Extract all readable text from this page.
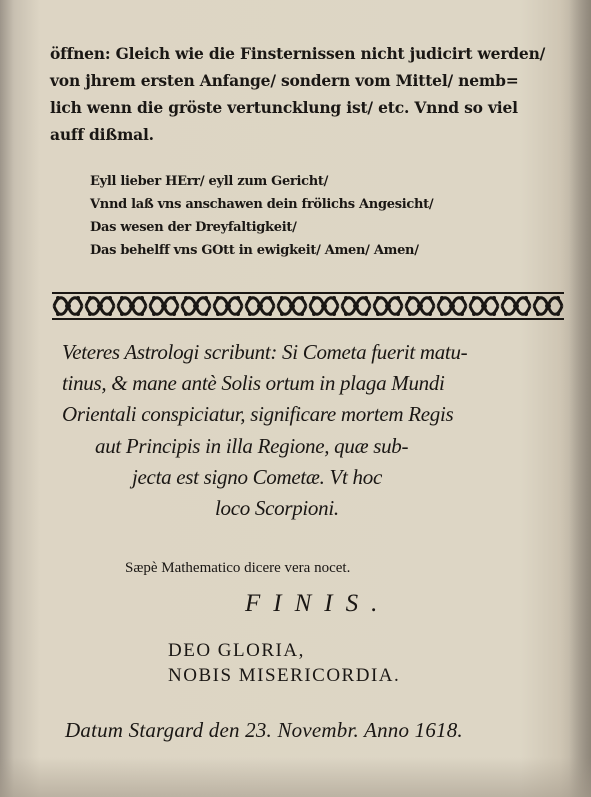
öffnen: Gleich wie die Finsternissen nicht judicirt werden/
von jhrem ersten Anfange/ sondern vom Mittel/ nemb=
lich wenn die gröste vertuncklung ist/ etc. Vnnd so viel
auff dißmal.
Eyll lieber HErr/ eyll zum Gericht/
Vnnd laß vns anschawen dein frölichs Angesicht/
Das wesen der Dreyfaltigkeit/
Das behelff vns GOtt in ewigkeit/ Amen/ Amen/
Veteres Astrologi scribunt: Si Cometa fuerit matu-
tinus, & mane antè Solis ortum in plaga Mundi
Orientali conspiciatur, significare mortem Regis
aut Principis in illa Regione, quæ sub-
jecta est signo Cometæ. Vt hoc
loco Scorpioni.
Sæpè Mathematico dicere vera nocet.
FINIS.
DEO GLORIA,
NOBIS MISERICORDIA.
Datum Stargard den 23. Novembr. Anno 1618.
